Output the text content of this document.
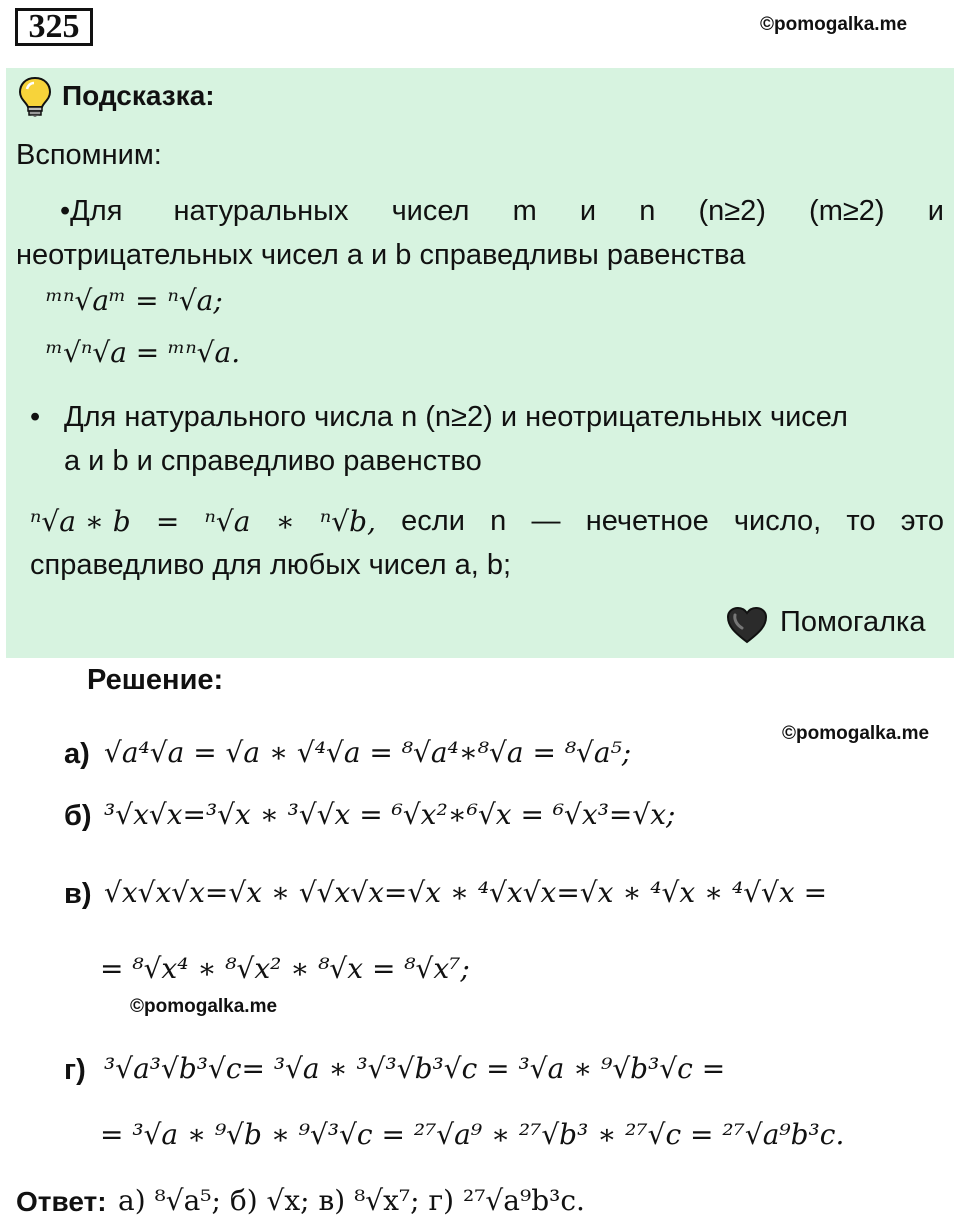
325	©pomogalka.me
Подсказка:
Вспомним:
•Для натуральных чисел m и n (n≥2) (m≥2) и
неотрицательных чисел a и b справедливы равенства
ᵐⁿ√aᵐ = ⁿ√a;
ᵐ√ⁿ√a = ᵐⁿ√a.
• Для натурального числа n (n≥2) и неотрицательных чисел
a и b и справедливо равенство
ⁿ√a ∗ b = ⁿ√a ∗ ⁿ√b, если n — нечетное число, то это
справедливо для любых чисел a, b;
Помогалка
Решение:
©pomogalka.me
а) √a⁴√a = √a ∗ √⁴√a = ⁸√a⁴∗⁸√a = ⁸√a⁵;
б) ³√x√x=³√x ∗ ³√√x = ⁶√x²∗⁶√x = ⁶√x³=√x;
в) √x√x√x=√x ∗ √√x√x=√x ∗ ⁴√x√x=√x ∗ ⁴√x ∗ ⁴√√x =
= ⁸√x⁴ ∗ ⁸√x² ∗ ⁸√x = ⁸√x⁷;
©pomogalka.me
г) ³√a³√b³√c= ³√a ∗ ³√³√b³√c = ³√a ∗ ⁹√b³√c =
= ³√a ∗ ⁹√b ∗ ⁹√³√c = ²⁷√a⁹ ∗ ²⁷√b³ ∗ ²⁷√c = ²⁷√a⁹b³c.
Ответ: а) ⁸√a⁵; б) √x; в) ⁸√x⁷; г) ²⁷√a⁹b³c.
